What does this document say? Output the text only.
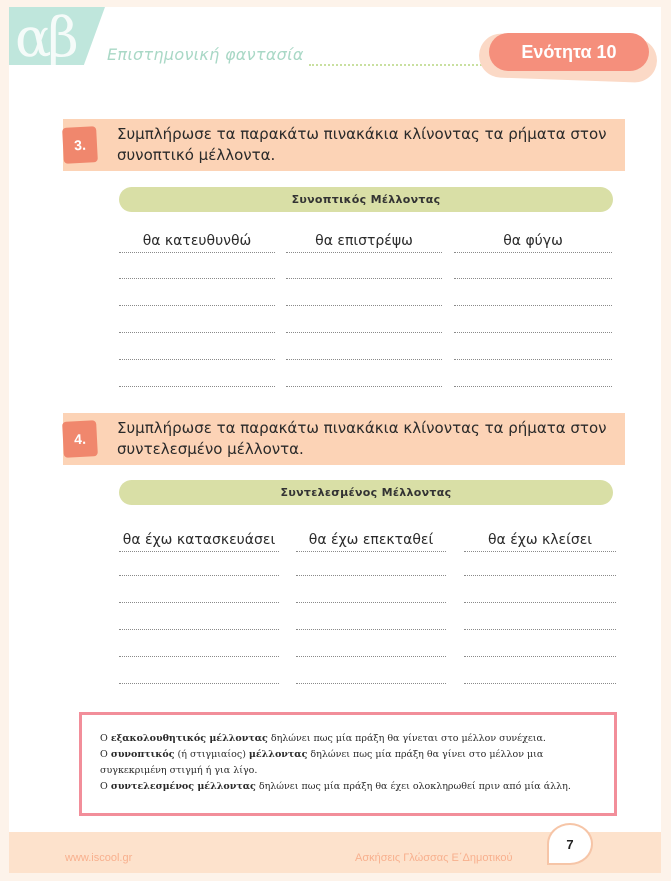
αβ Επιστημονική φαντασία	Ενότητα 10
3.
Συμπλήρωσε τα παρακάτω πινακάκια κλίνοντας τα ρήματα στον
συνοπτικό μέλλοντα.
Συνοπτικός Μέλλοντας
θα κατευθυνθώ	θα επιστρέψω	θα φύγω
4.
Συμπλήρωσε τα παρακάτω πινακάκια κλίνοντας τα ρήματα στον
συντελεσμένο μέλλοντα.
Συντελεσμένος Μέλλοντας
θα έχω κατασκευάσει	θα έχω επεκταθεί	θα έχω κλείσει

Ο εξακολουθητικός μέλλοντας δηλώνει πως μία πράξη θα γίνεται στο μέλλον συνέχεια.

Ο συνοπτικός (ή στιγμιαίος) μέλλοντας δηλώνει πως μία πράξη θα γίνει στο μέλλον μια συγκεκριμένη στιγμή ή για λίγο.

Ο συντελεσμένος μέλλοντας δηλώνει πως μία πράξη θα έχει ολοκληρωθεί πριν από μία άλλη.

www.iscool.gr	Ασκήσεις Γλώσσας Ε΄Δημοτικού
7
